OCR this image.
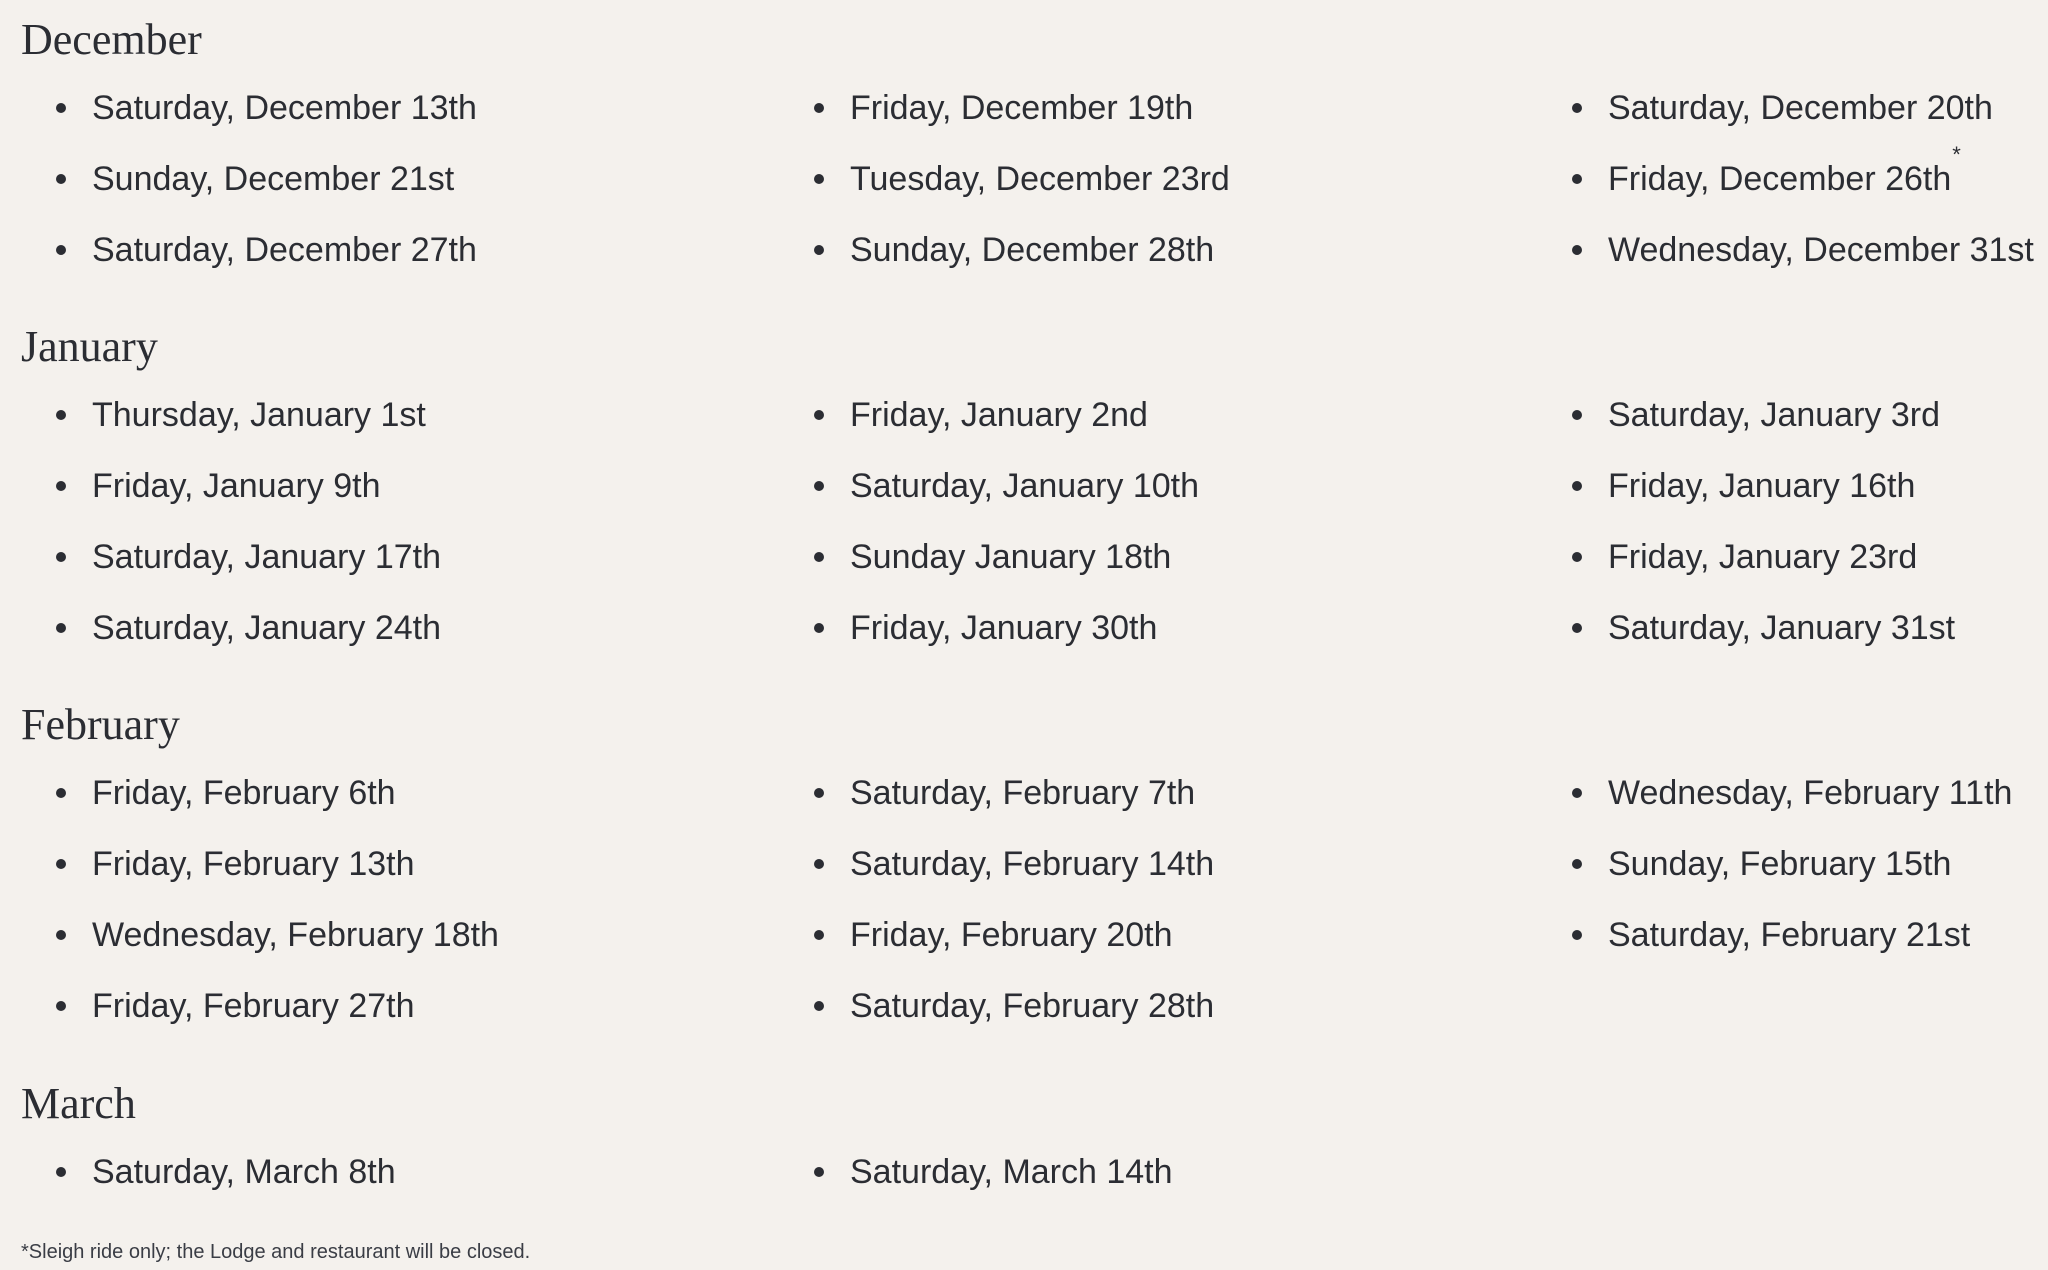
December
Saturday, December 13th	Friday, December 19th	Saturday, December 20th
Sunday, December 21st	Tuesday, December 23rd	Friday, December 26th*
Saturday, December 27th	Sunday, December 28th	Wednesday, December 31st
January
Thursday, January 1st	Friday, January 2nd	Saturday, January 3rd
Friday, January 9th	Saturday, January 10th	Friday, January 16th
Saturday, January 17th	Sunday January 18th	Friday, January 23rd
Saturday, January 24th	Friday, January 30th	Saturday, January 31st
February
Friday, February 6th	Saturday, February 7th	Wednesday, February 11th
Friday, February 13th	Saturday, February 14th	Sunday, February 15th
Wednesday, February 18th	Friday, February 20th	Saturday, February 21st
Friday, February 27th	Saturday, February 28th
March
Saturday, March 8th	Saturday, March 14th

*Sleigh ride only; the Lodge and restaurant will be closed.
